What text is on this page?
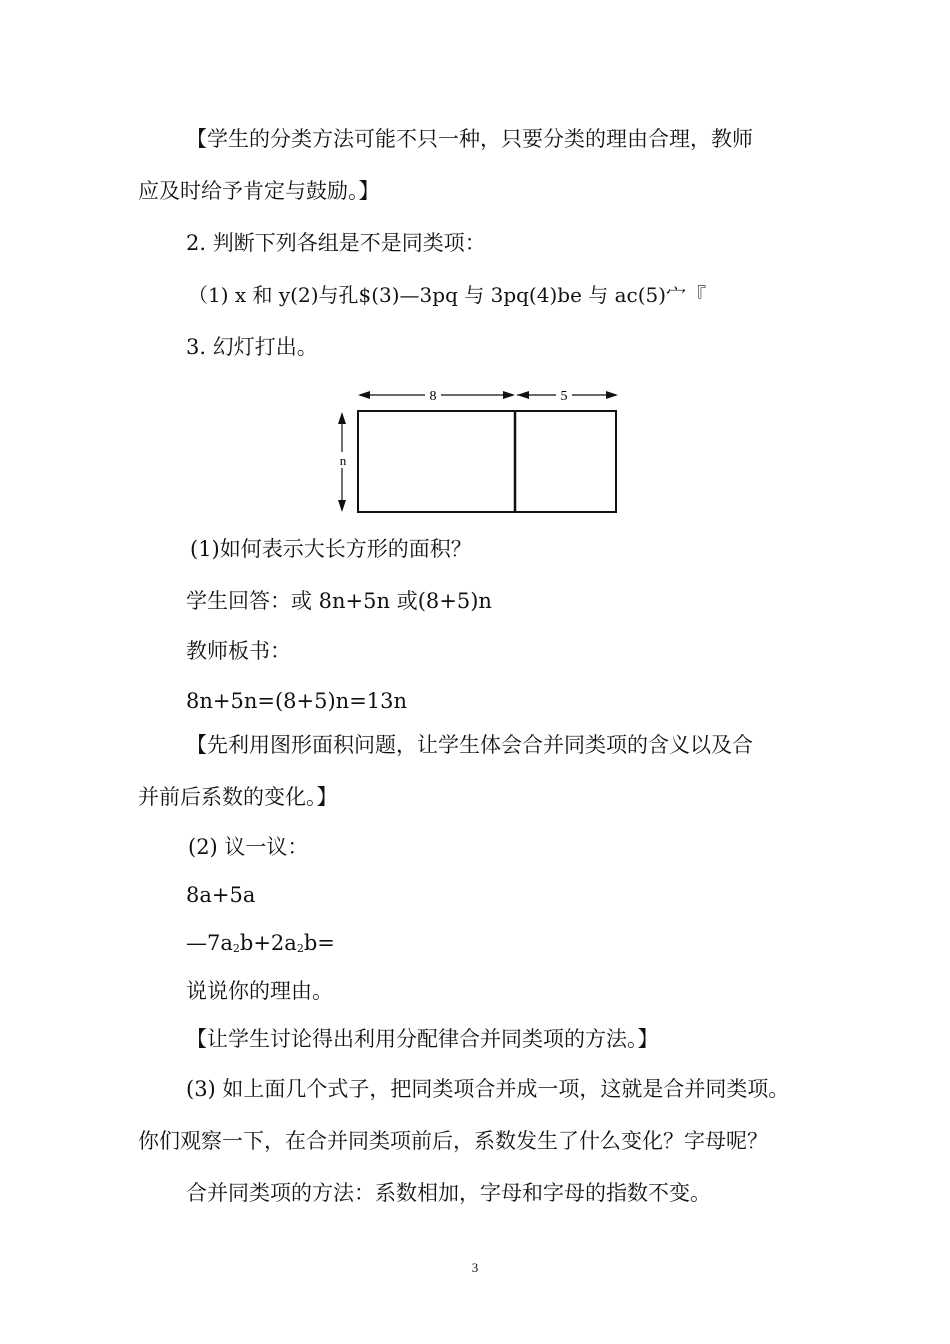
【学生的分类方法可能不只一种，只要分类的理由合理，教师
应及时给予肯定与鼓励。】
2. 判断下列各组是不是同类项：
（1) x 和 y(2)与孔$(3)—3pq 与 3pq(4)be 与 ac(5)宀『
3. 幻灯打出。
8	5
n
(1)如何表示大长方形的面积？
学生回答：或 8n+5n 或(8+5)n
教师板书：
8n+5n=(8+5)n=13n
【先利用图形面积问题，让学生体会合并同类项的含义以及合
并前后系数的变化。】
(2) 议一议：
8a+5a
$—7a_2b+2a_2b=$
说说你的理由。
【让学生讨论得出利用分配律合并同类项的方法。】
(3) 如上面几个式子，把同类项合并成一项，这就是合并同类项。
你们观察一下，在合并同类项前后，系数发生了什么变化？字母呢？
合并同类项的方法：系数相加，字母和字母的指数不变。
3
